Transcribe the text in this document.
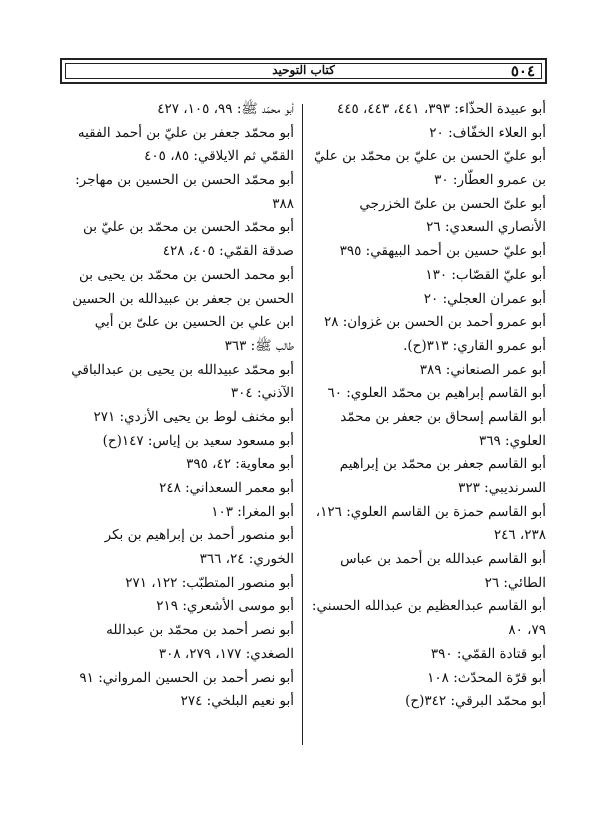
٥٠٤
كتاب التوحيد
أبو عبيدة الحذّاء: ٣٩٣، ٤٤١، ٤٤٣، ٤٤٥
أبو العلاء الخفّاف: ٢٠
أبو عليّ الحسن بن عليّ بن محمّد بن عليّ
بن عمرو العطّار: ٣٠
أبو علىّ الحسن بن علىّ الخزرجي
الأنصاري السعدي: ٢٦
أبو عليّ حسين بن أحمد البيهقي: ٣٩٥
أبو عليّ القصّاب: ١٣٠
أبو عمران العجلي: ٢٠
أبو عمرو أحمد بن الحسن بن غزوان: ٢٨
أبو عمرو القاري: ٣١٣(ح).
أبو عمر الصنعاني: ٣٨٩
أبو القاسم إبراهيم بن محمّد العلوي: ٦٠
أبو القاسم إسحاق بن جعفر بن محمّد
العلوي: ٣٦٩
أبو القاسم جعفر بن محمّد بن إبراهيم
السرنديبي: ٣٢٣
أبو القاسم حمزة بن القاسم العلوي: ١٢٦،
٢٣٨، ٢٤٦
أبو القاسم عبدالله بن أحمد بن عباس
الطائي: ٢٦
أبو القاسم عبدالعظيم بن عبدالله الحسني:
٧٩، ٨٠
أبو قتادة القمّي: ٣٩٠
أبو قرّة المحدّث: ١٠٨
أبو محمّد البرقي: ٣٤٢(ح)
أبو محمّد ﷺ: ٩٩، ١٠٥، ٤٢٧
أبو محمّد جعفر بن عليّ بن أحمد الفقيه
القمّي ثم الايلاقي: ٨٥، ٤٠٥
أبو محمّد الحسن بن الحسين بن مهاجر:
٣٨٨
أبو محمّد الحسن بن محمّد بن عليّ بن
صدقة القمّي: ٤٠٥، ٤٢٨
أبو محمد الحسن بن محمّد بن يحيى بن
الحسن بن جعفر بن عبيدالله بن الحسين
ابن علي بن الحسين بن علىّ بن أبي
طالب ﷺ: ٣٦٣
أبو محمّد عبيدالله بن يحيى بن عبدالباقي
الآذني: ٣٠٤
أبو مخنف لوط بن يحيى الأزدي: ٢٧١
أبو مسعود سعيد بن إياس: ١٤٧(ح)
أبو معاوية: ٤٢، ٣٩٥
أبو معمر السعداني: ٢٤٨
أبو المغرا: ١٠٣
أبو منصور أحمد بن إبراهيم بن بكر
الخوري: ٢٤، ٣٦٦
أبو منصور المتطبّب: ١٢٢، ٢٧١
أبو موسى الأشعري: ٢١٩
أبو نصر أحمد بن محمّد بن عبدالله
الصغدي: ١٧٧، ٢٧٩، ٣٠٨
أبو نصر أحمد بن الحسين المرواني: ٩١
أبو نعيم البلخي: ٢٧٤
